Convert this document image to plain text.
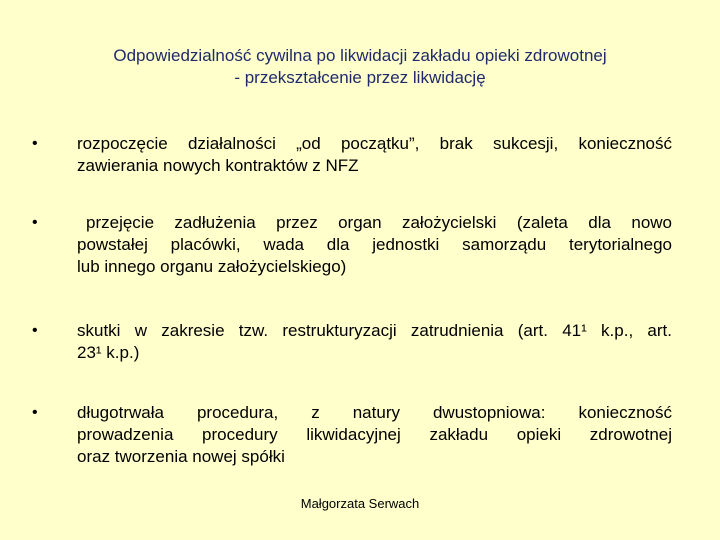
Odpowiedzialność cywilna po likwidacji zakładu opieki zdrowotnej
- przekształcenie przez likwidację
• rozpoczęcie działalności „od początku”, brak sukcesji, konieczność
zawierania nowych kontraktów z NFZ
•	przejęcie zadłużenia przez organ założycielski (zaleta dla nowo
powstałej placówki, wada dla jednostki samorządu terytorialnego
lub innego organu założycielskiego)
• skutki w zakresie tzw. restrukturyzacji zatrudnienia (art. 41¹ k.p., art.
23¹ k.p.)
• długotrwała procedura, z natury dwustopniowa: konieczność
prowadzenia procedury likwidacyjnej zakładu opieki zdrowotnej
oraz tworzenia nowej spółki
Małgorzata Serwach
